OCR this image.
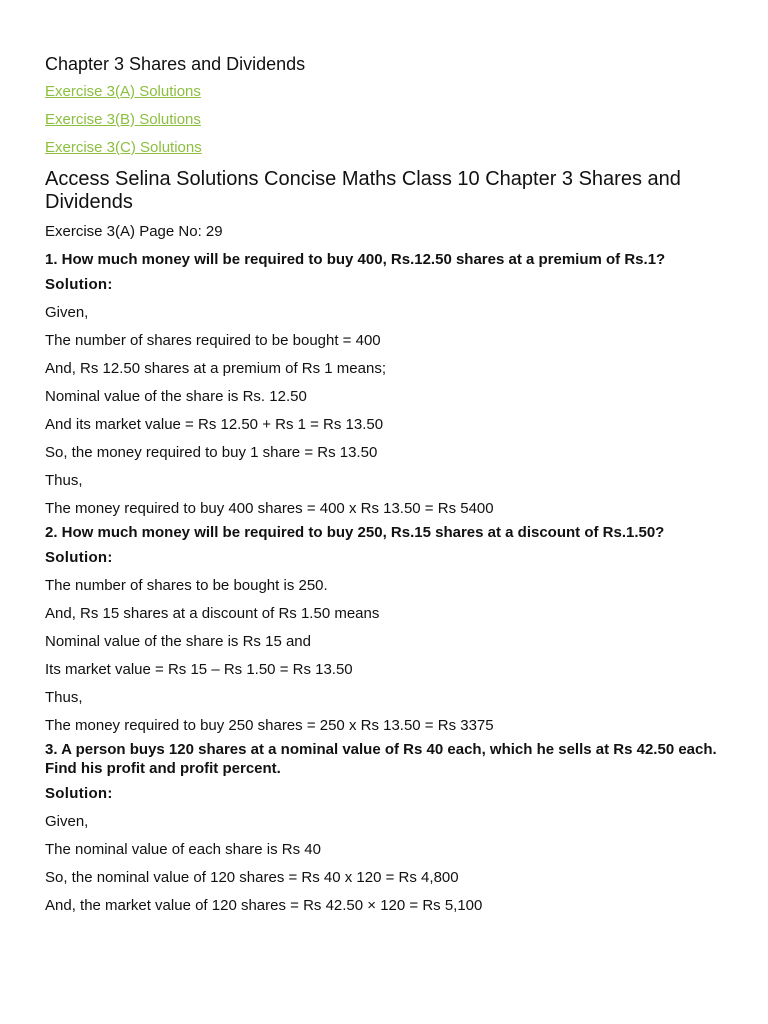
Chapter 3 Shares and Dividends
Exercise 3(A) Solutions
Exercise 3(B) Solutions
Exercise 3(C) Solutions
Access Selina Solutions Concise Maths Class 10 Chapter 3 Shares and Dividends
Exercise 3(A) Page No: 29
1. How much money will be required to buy 400, Rs.12.50 shares at a premium of Rs.1?
Solution:
Given,
The number of shares required to be bought = 400
And, Rs 12.50 shares at a premium of Rs 1 means;
Nominal value of the share is Rs. 12.50
And its market value = Rs 12.50 + Rs 1 = Rs 13.50
So, the money required to buy 1 share = Rs 13.50
Thus,
The money required to buy 400 shares = 400 x Rs 13.50 = Rs 5400
2. How much money will be required to buy 250, Rs.15 shares at a discount of Rs.1.50?
Solution:
The number of shares to be bought is 250.
And, Rs 15 shares at a discount of Rs 1.50 means
Nominal value of the share is Rs 15 and
Its market value = Rs 15 – Rs 1.50 = Rs 13.50
Thus,
The money required to buy 250 shares = 250 x Rs 13.50 = Rs 3375
3. A person buys 120 shares at a nominal value of Rs 40 each, which he sells at Rs 42.50 each. Find his profit and profit percent.
Solution:
Given,
The nominal value of each share is Rs 40
So, the nominal value of 120 shares = Rs 40 x 120 = Rs 4,800
And, the market value of 120 shares = Rs 42.50 × 120 = Rs 5,100
